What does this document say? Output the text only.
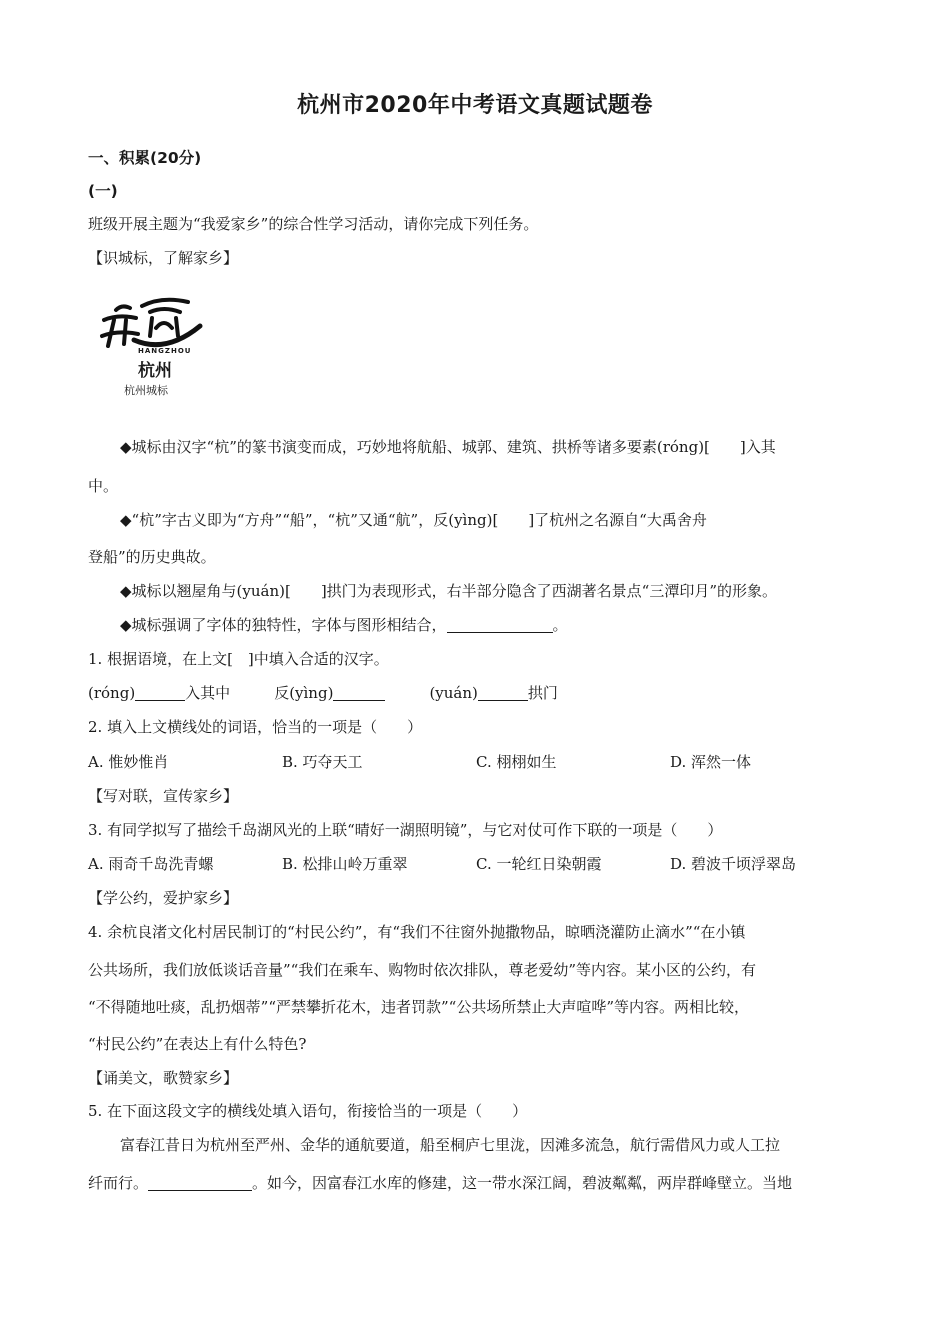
杭州市2020年中考语文真题试题卷
一、积累(20分)
(一)
班级开展主题为“我爱家乡”的综合性学习活动，请你完成下列任务。
【识城标，了解家乡】
HANGZHOU
杭州
杭州城标
◆城标由汉字“杭”的篆书演变而成，巧妙地将航船、城郭、建筑、拱桥等诸多要素(róng)[　　]入其
中。
◆“杭”字古义即为“方舟”“船”，“杭”又通“航”，反(yìng)[　　]了杭州之名源自“大禹舍舟
登船”的历史典故。
◆城标以翘屋角与(yuán)[　　]拱门为表现形式，右半部分隐含了西湖著名景点“三潭印月”的形象。
◆城标强调了字体的独特性，字体与图形相结合，	。
1. 根据语境，在上文[　]中填入合适的汉字。
(róng)	入其中	反(yìng)	(yuán)	拱门
2. 填入上文横线处的词语，恰当的一项是（　　）
A. 惟妙惟肖	B. 巧夺天工	C. 栩栩如生	D. 浑然一体
【写对联，宣传家乡】
3. 有同学拟写了描绘千岛湖风光的上联“晴好一湖照明镜”，与它对仗可作下联的一项是（　　）
A. 雨奇千岛洗青螺	B. 松排山岭万重翠	C. 一轮红日染朝霞	D. 碧波千顷浮翠岛
【学公约，爱护家乡】
4. 余杭良渚文化村居民制订的“村民公约”，有“我们不往窗外抛撒物品，晾晒浇灌防止滴水”“在小镇
公共场所，我们放低谈话音量”“我们在乘车、购物时依次排队，尊老爱幼”等内容。某小区的公约，有
“不得随地吐痰，乱扔烟蒂”“严禁攀折花木，违者罚款”“公共场所禁止大声喧哗”等内容。两相比较，
“村民公约”在表达上有什么特色?
【诵美文，歌赞家乡】
5. 在下面这段文字的横线处填入语句，衔接恰当的一项是（　　）
富春江昔日为杭州至严州、金华的通航要道，船至桐庐七里泷，因滩多流急，航行需借风力或人工拉
纤而行。	。如今，因富春江水库的修建，这一带水深江阔，碧波粼粼，两岸群峰壁立。当地
